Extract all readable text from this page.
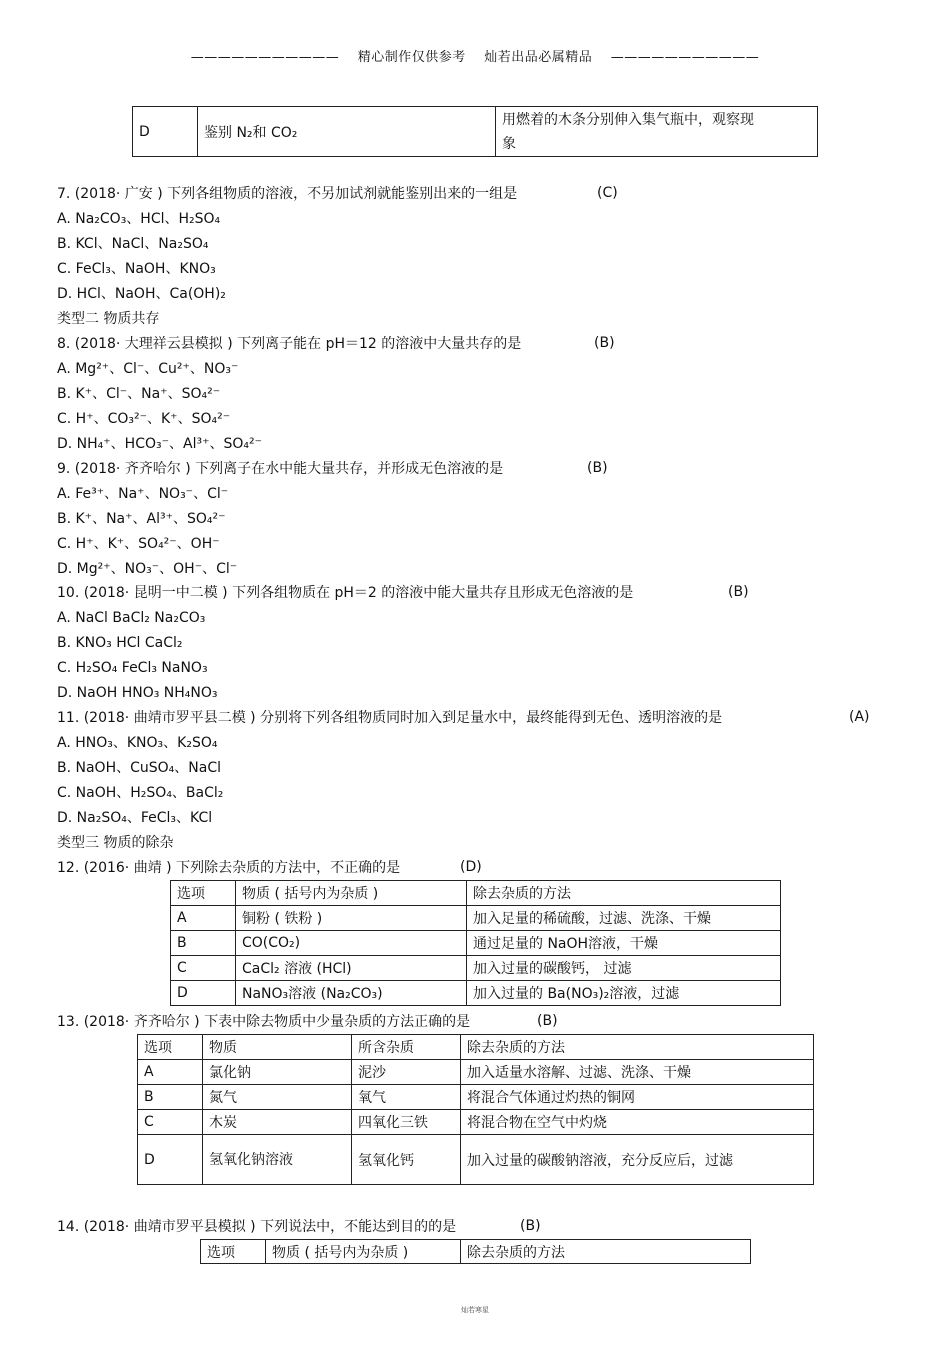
———————————    精心制作仅供参考    灿若出品必属精品    ———————————
D	鉴别 N₂和 CO₂	
用燃着的木条分别伸入集气瓶中，观察现
象
7. (2018· 广安 ) 下列各组物质的溶液，不另加试剂就能鉴别出来的一组是	(C)
A. Na₂CO₃、HCl、H₂SO₄
B. KCl、NaCl、Na₂SO₄
C. FeCl₃、NaOH、KNO₃
D. HCl、NaOH、Ca(OH)₂
类型二 物质共存
8. (2018· 大理祥云县模拟 ) 下列离子能在 pH＝12 的溶液中大量共存的是	(B)
A. Mg²⁺、Cl⁻、Cu²⁺、NO₃⁻
B. K⁺、Cl⁻、Na⁺、SO₄²⁻
C. H⁺、CO₃²⁻、K⁺、SO₄²⁻
D. NH₄⁺、HCO₃⁻、Al³⁺、SO₄²⁻
9. (2018· 齐齐哈尔 ) 下列离子在水中能大量共存，并形成无色溶液的是	(B)
A. Fe³⁺、Na⁺、NO₃⁻、Cl⁻
B. K⁺、Na⁺、Al³⁺、SO₄²⁻
C. H⁺、K⁺、SO₄²⁻、OH⁻
D. Mg²⁺、NO₃⁻、OH⁻、Cl⁻
10. (2018· 昆明一中二模 ) 下列各组物质在 pH＝2 的溶液中能大量共存且形成无色溶液的是	(B)
A. NaCl BaCl₂ Na₂CO₃
B. KNO₃ HCl CaCl₂
C. H₂SO₄ FeCl₃ NaNO₃
D. NaOH HNO₃ NH₄NO₃
11. (2018· 曲靖市罗平县二模 ) 分别将下列各组物质同时加入到足量水中，最终能得到无色、透明溶液的是	(A)
A. HNO₃、KNO₃、K₂SO₄
B. NaOH、CuSO₄、NaCl
C. NaOH、H₂SO₄、BaCl₂
D. Na₂SO₄、FeCl₃、KCl
类型三 物质的除杂
12. (2016· 曲靖 ) 下列除去杂质的方法中，不正确的是	(D)
选项	物质 ( 括号内为杂质 )	除去杂质的方法
A	铜粉 ( 铁粉 )	加入足量的稀硫酸，过滤、洗涤、干燥
B	CO(CO₂)	通过足量的 NaOH溶液，干燥
C	CaCl₂ 溶液 (HCl)	加入过量的碳酸钙， 过滤
D	NaNO₃溶液 (Na₂CO₃)	加入过量的 Ba(NO₃)₂溶液，过滤
13. (2018· 齐齐哈尔 ) 下表中除去物质中少量杂质的方法正确的是	(B)
选项	物质	所含杂质	除去杂质的方法
A	氯化钠	泥沙	加入适量水溶解、过滤、洗涤、干燥
B	氮气	氧气	将混合气体通过灼热的铜网
C	木炭	四氧化三铁	将混合物在空气中灼烧
D	氢氧化钠溶液	氢氧化钙	加入过量的碳酸钠溶液，充分反应后，过滤
14. (2018· 曲靖市罗平县模拟 ) 下列说法中，不能达到目的的是	(B)
选项	物质 ( 括号内为杂质 )	除去杂质的方法
灿若寒星
